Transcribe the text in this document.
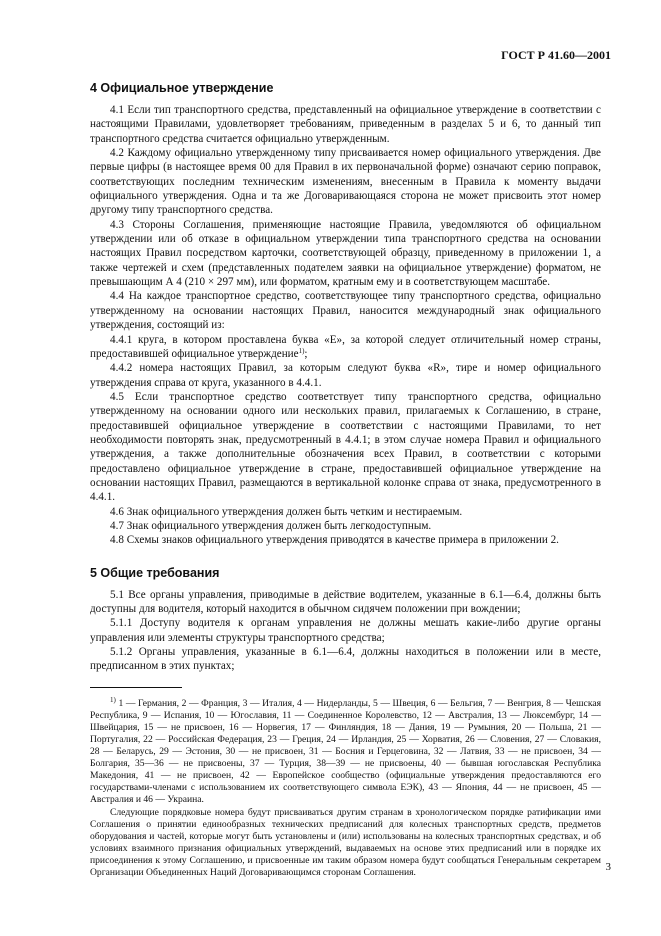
ГОСТ Р 41.60—2001
4 Официальное утверждение

4.1 Если тип транспортного средства, представленный на официальное утверждение в соответствии с настоящими Правилами, удовлетворяет требованиям, приведенным в разделах 5 и 6, то данный тип транспортного средства считается официально утвержденным.

4.2 Каждому официально утвержденному типу присваивается номер официального утверждения. Две первые цифры (в настоящее время 00 для Правил в их первоначальной форме) означают серию поправок, соответствующих последним техническим изменениям, внесенным в Правила к моменту выдачи официального утверждения. Одна и та же Договаривающаяся сторона не может присвоить этот номер другому типу транспортного средства.

4.3 Стороны Соглашения, применяющие настоящие Правила, уведомляются об официальном утверждении или об отказе в официальном утверждении типа транспортного средства на основании настоящих Правил посредством карточки, соответствующей образцу, приведенному в приложении 1, а также чертежей и схем (представленных подателем заявки на официальное утверждение) форматом, не превышающим А 4 (210 × 297 мм), или форматом, кратным ему и в соответствующем масштабе.

4.4 На каждое транспортное средство, соответствующее типу транспортного средства, официально утвержденному на основании настоящих Правил, наносится международный знак официального утверждения, состоящий из:

4.4.1 круга, в котором проставлена буква «E», за которой следует отличительный номер страны, предоставившей официальное утверждение$^{1)}$;

4.4.2 номера настоящих Правил, за которым следуют буква «R», тире и номер официального утверждения справа от круга, указанного в 4.4.1.

4.5 Если транспортное средство соответствует типу транспортного средства, официально утвержденному на основании одного или нескольких правил, прилагаемых к Соглашению, в стране, предоставившей официальное утверждение в соответствии с настоящими Правилами, то нет необходимости повторять знак, предусмотренный в 4.4.1; в этом случае номера Правил и официального утверждения, а также дополнительные обозначения всех Правил, в соответствии с которыми предоставлено официальное утверждение в стране, предоставившей официальное утверждение на основании настоящих Правил, размещаются в вертикальной колонке справа от знака, предусмотренного в 4.4.1.

4.6 Знак официального утверждения должен быть четким и нестираемым.

4.7 Знак официального утверждения должен быть легкодоступным.

4.8 Схемы знаков официального утверждения приводятся в качестве примера в приложении 2.

5 Общие требования

5.1 Все органы управления, приводимые в действие водителем, указанные в 6.1—6.4, должны быть доступны для водителя, который находится в обычном сидячем положении при вождении;

5.1.1 Доступу водителя к органам управления не должны мешать какие-либо другие органы управления или элементы структуры транспортного средства;

5.1.2 Органы управления, указанные в 6.1—6.4, должны находиться в положении или в месте, предписанном в этих пунктах;

$^{1)}$ 1 — Германия, 2 — Франция, 3 — Италия, 4 — Нидерланды, 5 — Швеция, 6 — Бельгия, 7 — Венгрия, 8 — Чешская Республика, 9 — Испания, 10 — Югославия, 11 — Соединенное Королевство, 12 — Австралия, 13 — Люксембург, 14 — Швейцария, 15 — не присвоен, 16 — Норвегия, 17 — Финляндия, 18 — Дания, 19 — Румыния, 20 — Польша, 21 — Португалия, 22 — Российская Федерация, 23 — Греция, 24 — Ирландия, 25 — Хорватия, 26 — Словения, 27 — Словакия, 28 — Беларусь, 29 — Эстония, 30 — не присвоен, 31 — Босния и Герцеговина, 32 — Латвия, 33 — не присвоен, 34 — Болгария, 35—36 — не присвоены, 37 — Турция, 38—39 — не присвоены, 40 — бывшая югославская Республика Македония, 41 — не присвоен, 42 — Европейское сообщество (официальные утверждения предоставляются его государствами-членами с использованием их соответствующего символа ЕЭК), 43 — Япония, 44 — не присвоен, 45 — Австралия и 46 — Украина.

Следующие порядковые номера будут присваиваться другим странам в хронологическом порядке ратификации ими Соглашения о принятии единообразных технических предписаний для колесных транспортных средств, предметов оборудования и частей, которые могут быть установлены и (или) использованы на колесных транспортных средствах, и об условиях взаимного признания официальных утверждений, выдаваемых на основе этих предписаний или в порядке их присоединения к этому Соглашению, и присвоенные им таким образом номера будут сообщаться Генеральным секретарем Организации Объединенных Наций Договаривающимся сторонам Соглашения.	3
